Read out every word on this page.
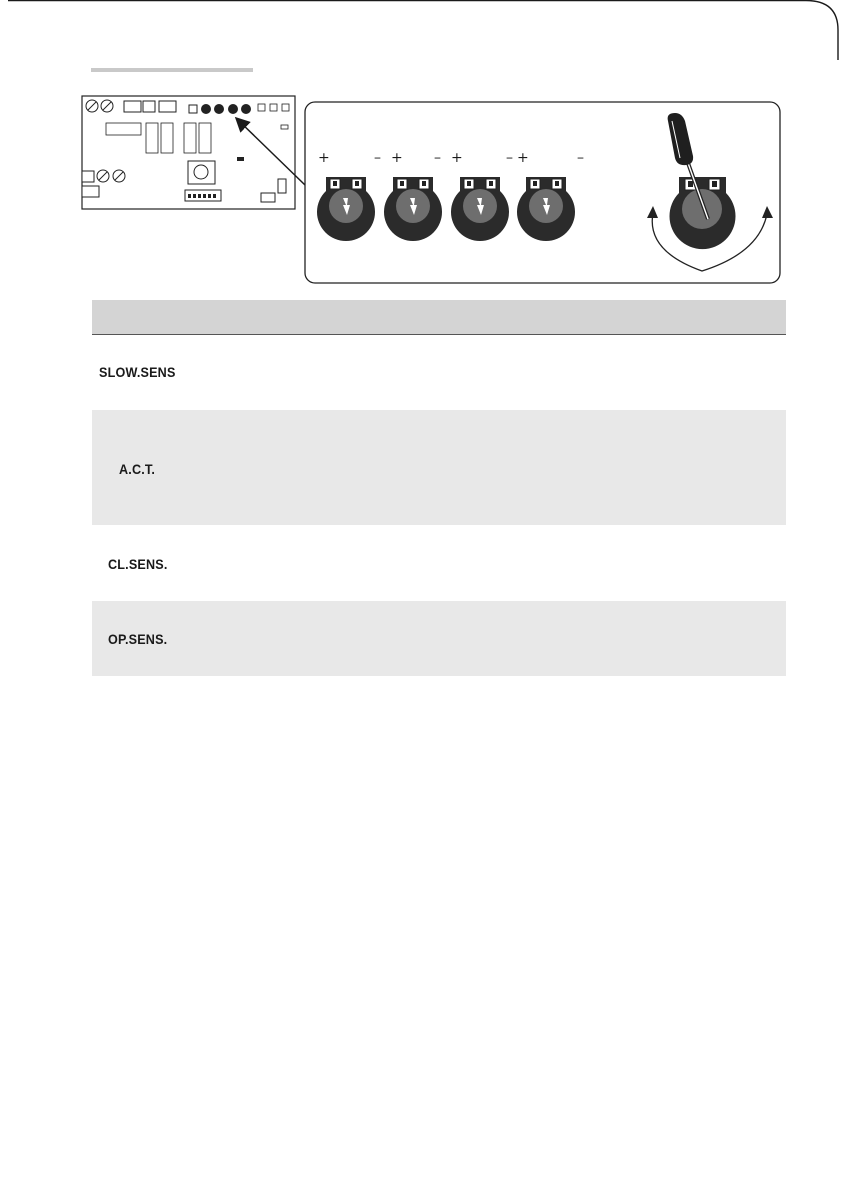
+	– + – +	– +	–
SLOW.SENS
A.C.T.
CL.SENS.
OP.SENS.
